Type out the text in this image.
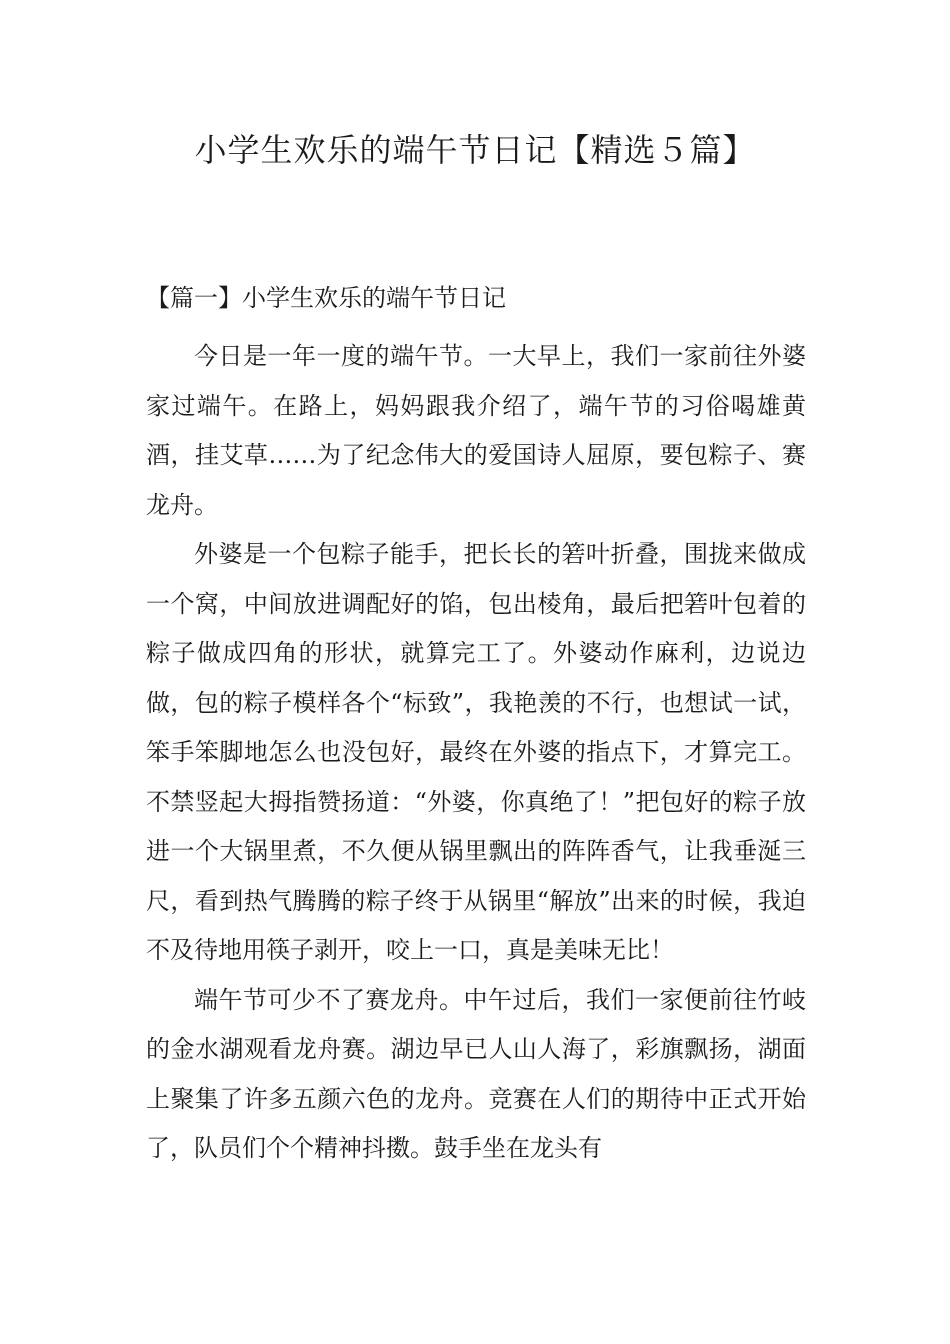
小学生欢乐的端午节日记【精选５篇】
【篇一】小学生欢乐的端午节日记

今日是一年一度的端午节。一大早上，我们一家前往外婆家过端午。在路上，妈妈跟我介绍了，端午节的习俗喝雄黄酒，挂艾草……为了纪念伟大的爱国诗人屈原，要包粽子、赛龙舟。

外婆是一个包粽子能手，把长长的箬叶折叠，围拢来做成一个窝，中间放进调配好的馅，包出棱角，最后把箬叶包着的粽子做成四角的形状，就算完工了。外婆动作麻利，边说边做，包的粽子模样各个“标致”，我艳羡的不行，也想试一试，笨手笨脚地怎么也没包好，最终在外婆的指点下，才算完工。不禁竖起大拇指赞扬道：“外婆，你真绝了！”把包好的粽子放进一个大锅里煮，不久便从锅里飘出的阵阵香气，让我垂涎三尺，看到热气腾腾的粽子终于从锅里“解放”出来的时候，我迫不及待地用筷子剥开，咬上一口，真是美味无比！

端午节可少不了赛龙舟。中午过后，我们一家便前往竹岐的金水湖观看龙舟赛。湖边早已人山人海了，彩旗飘扬，湖面上聚集了许多五颜六色的龙舟。竞赛在人们的期待中正式开始了，队员们个个精神抖擞。鼓手坐在龙头有
